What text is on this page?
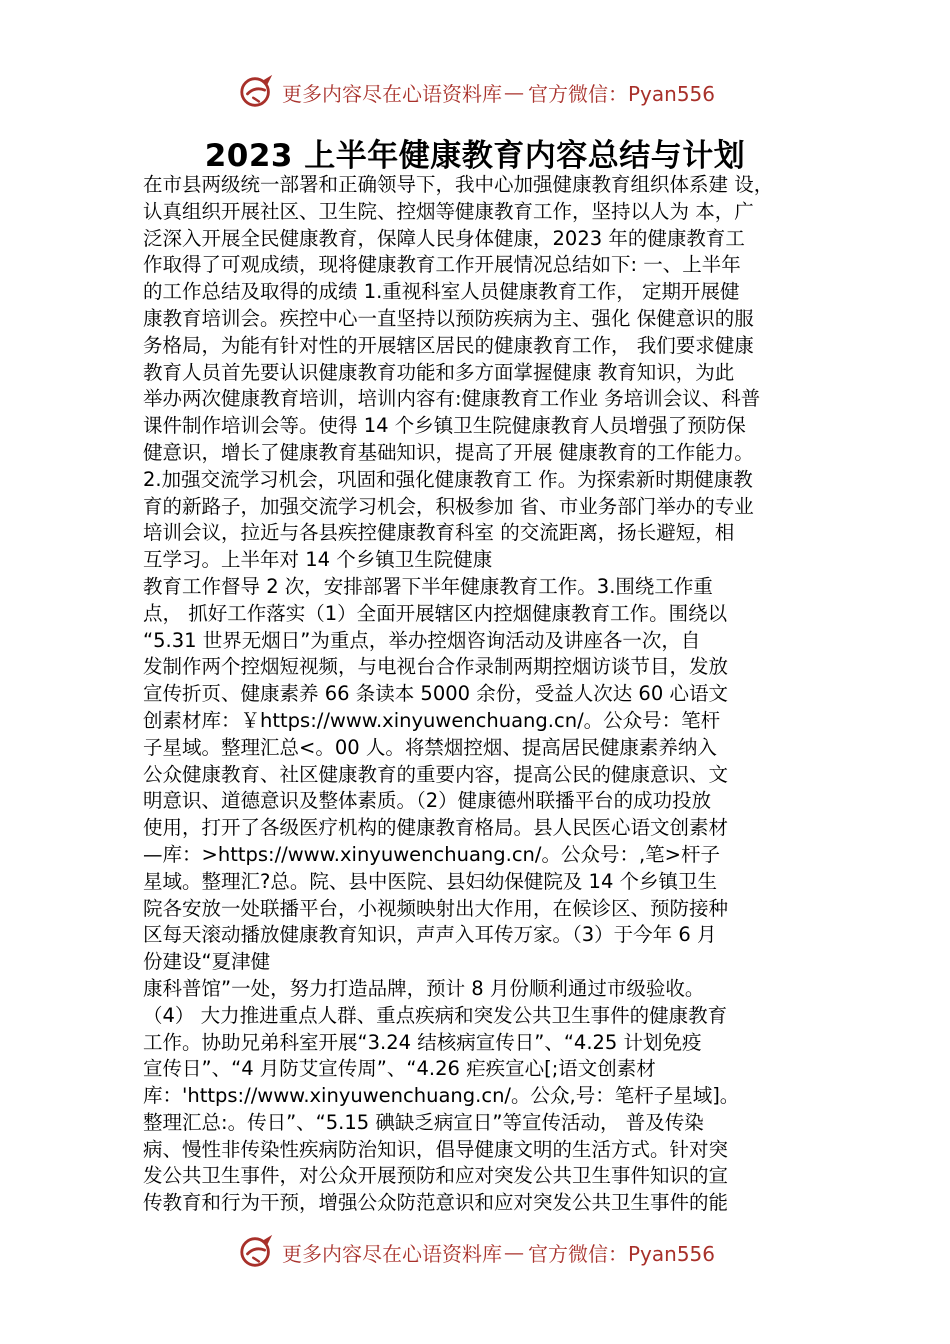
更多内容尽在心语资料库 — 官方微信：Pyan556
2023 上半年健康教育内容总结与计划
在市县两级统一部署和正确领导下，我中心加强健康教育组织体系建 设，
认真组织开展社区、卫生院、控烟等健康教育工作，坚持以人为 本，广
泛深入开展全民健康教育，保障人民身体健康，2023 年的健康教育工
作取得了可观成绩，现将健康教育工作开展情况总结如下: 一、上半年
的工作总结及取得的成绩 1.重视科室人员健康教育工作， 定期开展健
康教育培训会。疾控中心一直坚持以预防疾病为主、强化 保健意识的服
务格局，为能有针对性的开展辖区居民的健康教育工作， 我们要求健康
教育人员首先要认识健康教育功能和多方面掌握健康 教育知识，为此
举办两次健康教育培训，培训内容有:健康教育工作业 务培训会议、科普
课件制作培训会等。使得 14 个乡镇卫生院健康教育人员增强了预防保
健意识，增长了健康教育基础知识，提高了开展 健康教育的工作能力。
2.加强交流学习机会，巩固和强化健康教育工 作。为探索新时期健康教
育的新路子，加强交流学习机会，积极参加 省、市业务部门举办的专业
培训会议，拉近与各县疾控健康教育科室 的交流距离，扬长避短，相
互学习。上半年对 14 个乡镇卫生院健康
教育工作督导 2 次，安排部署下半年健康教育工作。3.围绕工作重
点， 抓好工作落实（1）全面开展辖区内控烟健康教育工作。围绕以
“5.31 世界无烟日”为重点，举办控烟咨询活动及讲座各一次，自
发制作两个控烟短视频，与电视台合作录制两期控烟访谈节目，发放
宣传折页、健康素养 66 条读本 5000 余份，受益人次达 60 心语文
创素材库：￥https://www.xinyuwenchuang.cn/。公众号：笔杆
子星域。整理汇总<。00 人。将禁烟控烟、提高居民健康素养纳入
公众健康教育、社区健康教育的重要内容，提高公民的健康意识、文
明意识、道德意识及整体素质。（2）健康德州联播平台的成功投放
使用，打开了各级医疗机构的健康教育格局。县人民医心语文创素材
—库：>https://www.xinyuwenchuang.cn/。公众号：,笔>杆子
星域。整理汇?总。院、县中医院、县妇幼保健院及 14 个乡镇卫生
院各安放一处联播平台，小视频映射出大作用，在候诊区、预防接种
区每天滚动播放健康教育知识，声声入耳传万家。（3）于今年 6 月
份建设“夏津健
康科普馆”一处，努力打造品牌，预计 8 月份顺利通过市级验收。
（4） 大力推进重点人群、重点疾病和突发公共卫生事件的健康教育
工作。协助兄弟科室开展“3.24 结核病宣传日”、“4.25 计划免疫
宣传日”、“4 月防艾宣传周”、“4.26 疟疾宣心[;语文创素材
库：'https://www.xinyuwenchuang.cn/。公众,号：笔杆子星域]。
整理汇总:。传日”、“5.15 碘缺乏病宣日”等宣传活动， 普及传染
病、慢性非传染性疾病防治知识，倡导健康文明的生活方式。针对突
发公共卫生事件，对公众开展预防和应对突发公共卫生事件知识的宣
传教育和行为干预，增强公众防范意识和应对突发公共卫生事件的能
更多内容尽在心语资料库 — 官方微信：Pyan556
